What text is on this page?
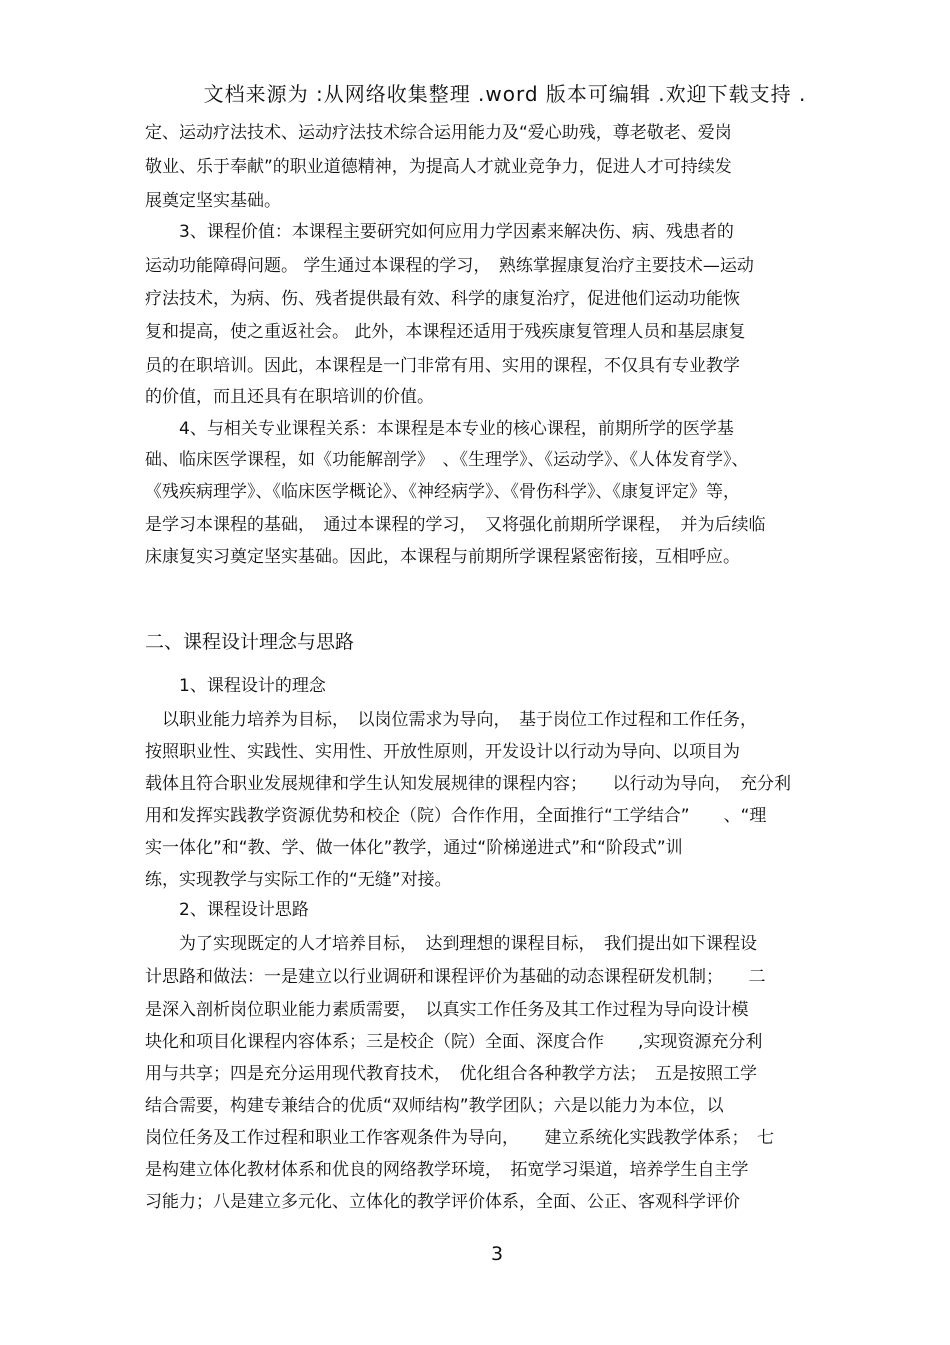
文档来源为 :从网络收集整理 .word 版本可编辑 .欢迎下载支持 .
定、运动疗法技术、运动疗法技术综合运用能力及“爱心助残，尊老敬老、爱岗
敬业、乐于奉献”的职业道德精神，为提高人才就业竞争力，促进人才可持续发
展奠定坚实基础。
　　3、课程价值：本课程主要研究如何应用力学因素来解决伤、病、残患者的
运动功能障碍问题。 学生通过本课程的学习，　熟练掌握康复治疗主要技术—运动
疗法技术，为病、伤、残者提供最有效、科学的康复治疗，促进他们运动功能恢
复和提高，使之重返社会。 此外，本课程还适用于残疾康复管理人员和基层康复
员的在职培训。因此，本课程是一门非常有用、实用的课程，不仅具有专业教学
的价值，而且还具有在职培训的价值。
　　4、与相关专业课程关系：本课程是本专业的核心课程，前期所学的医学基
础、临床医学课程，如《功能解剖学》　、《生理学》、《运动学》、《人体发育学》、
《残疾病理学》、《临床医学概论》、《神经病学》、《骨伤科学》、《康复评定》等，
是学习本课程的基础，　通过本课程的学习，　又将强化前期所学课程，　并为后续临
床康复实习奠定坚实基础。因此，本课程与前期所学课程紧密衔接，互相呼应。
二、课程设计理念与思路
　　1、课程设计的理念
　以职业能力培养为目标，　以岗位需求为导向，　基于岗位工作过程和工作任务，
按照职业性、实践性、实用性、开放性原则，开发设计以行动为导向、以项目为
载体且符合职业发展规律和学生认知发展规律的课程内容；　　以行动为导向，　充分利
用和发挥实践教学资源优势和校企（院）合作作用，全面推行“工学结合”　　、“理
实一体化”和“教、学、做一体化”教学，通过“阶梯递进式”和“阶段式”训
练，实现教学与实际工作的“无缝”对接。
　　2、课程设计思路
　　为了实现既定的人才培养目标，　达到理想的课程目标，　我们提出如下课程设
计思路和做法：一是建立以行业调研和课程评价为基础的动态课程研发机制；　　二
是深入剖析岗位职业能力素质需要，　以真实工作任务及其工作过程为导向设计模
块化和项目化课程内容体系；三是校企（院）全面、深度合作　　,实现资源充分利
用与共享；四是充分运用现代教育技术，　优化组合各种教学方法；　五是按照工学
结合需要，构建专兼结合的优质“双师结构”教学团队；六是以能力为本位，以
岗位任务及工作过程和职业工作客观条件为导向，　　建立系统化实践教学体系；　七
是构建立体化教材体系和优良的网络教学环境，　拓宽学习渠道，培养学生自主学
习能力；八是建立多元化、立体化的教学评价体系，全面、公正、客观科学评价
3
